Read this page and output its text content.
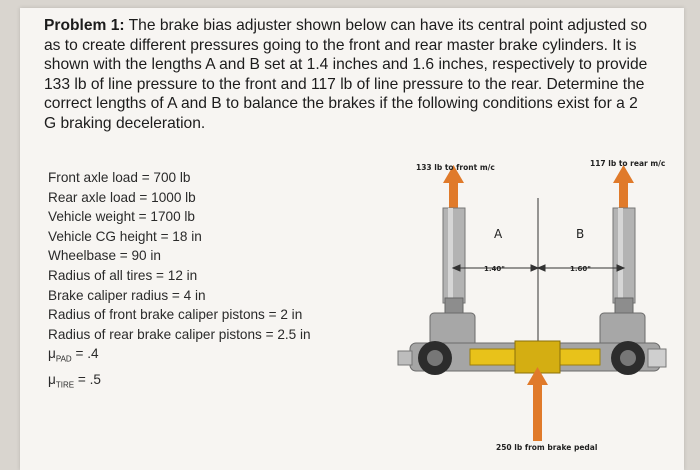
Problem 1: The brake bias adjuster shown below can have its central point adjusted so as to create different pressures going to the front and rear master brake cylinders. It is shown with the lengths A and B set at 1.4 inches and 1.6 inches, respectively to provide 133 lb of line pressure to the front and 117 lb of line pressure to the rear. Determine the correct lengths of A and B to balance the brakes if the following conditions exist for a 2 G braking deceleration.
Front axle load = 700 lb
Rear axle load = 1000 lb
Vehicle weight = 1700 lb
Vehicle CG height = 18 in
Wheelbase = 90 in
Radius of all tires = 12 in
Brake caliper radius = 4 in
Radius of front brake caliper pistons = 2 in
Radius of rear brake caliper pistons = 2.5 in
$\mu_{PAD} = .4$
$\mu_{TIRE} = .5$
133 lb to front m/c	117 lb to rear m/c
A	B
1.40"	1.60"
250 lb from brake pedal
